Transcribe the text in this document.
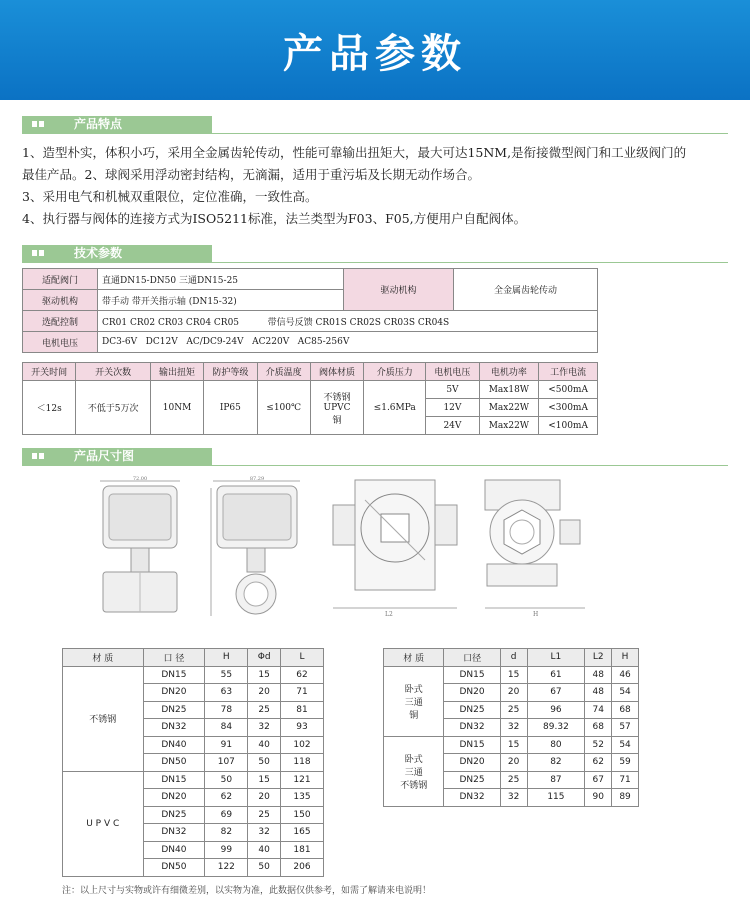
产品参数
产品特点
1、造型朴实，体积小巧，采用全金属齿轮传动，性能可靠输出扭矩大，最大可达15NM,是衔接微型阀门和工业级阀门的
最佳产品。2、球阀采用浮动密封结构，无滴漏，适用于重污垢及长期无动作场合。
3、采用电气和机械双重限位，定位准确，一致性高。
4、执行器与阀体的连接方式为ISO5211标准，法兰类型为F03、F05,方便用户自配阀体。
技术参数
适配阀门	直通DN15-DN50 三通DN15-25	驱动机构	全金属齿轮传动
驱动机构	带手动 带开关指示轴 (DN15-32)		
选配控制	CR01 CR02 CR03 CR04 CR05          带信号反馈 CR01S CR02S CR03S CR04S		
电机电压	DC3-6V   DC12V   AC/DC9-24V   AC220V   AC85-256V		
开关时间	开关次数	输出扭矩	防护等级	介质温度	阀体材质	介质压力	电机电压	电机功率	工作电流
＜12s	不低于5万次	10NM	IP65	≤100℃	不锈钢
UPVC
铜	≤1.6MPa	5V	Max18W	<500mA
							12V	Max22W	<300mA
							24V	Max22W	<100mA
产品尺寸图
72.00	87.29
L2	H
材 质	口 径	H	Φd	L
不锈钢	DN15	55	15	62
	DN20	63	20	71
	DN25	78	25	81
	DN32	84	32	93
	DN40	91	40	102
	DN50	107	50	118
U P V C	DN15	50	15	121
	DN20	62	20	135
	DN25	69	25	150
	DN32	82	32	165
	DN40	99	40	181
	DN50	122	50	206
材 质	口径	d	L1	L2	H
卧式
三通
铜	DN15	15	61	48	46
	DN20	20	67	48	54
	DN25	25	96	74	68
	DN32	32	89.32	68	57
卧式
三通
不锈钢	DN15	15	80	52	54
	DN20	20	82	62	59
	DN25	25	87	67	71
	DN32	32	115	90	89
注：以上尺寸与实物或许有细微差别，以实物为准，此数据仅供参考，如需了解请来电说明！
